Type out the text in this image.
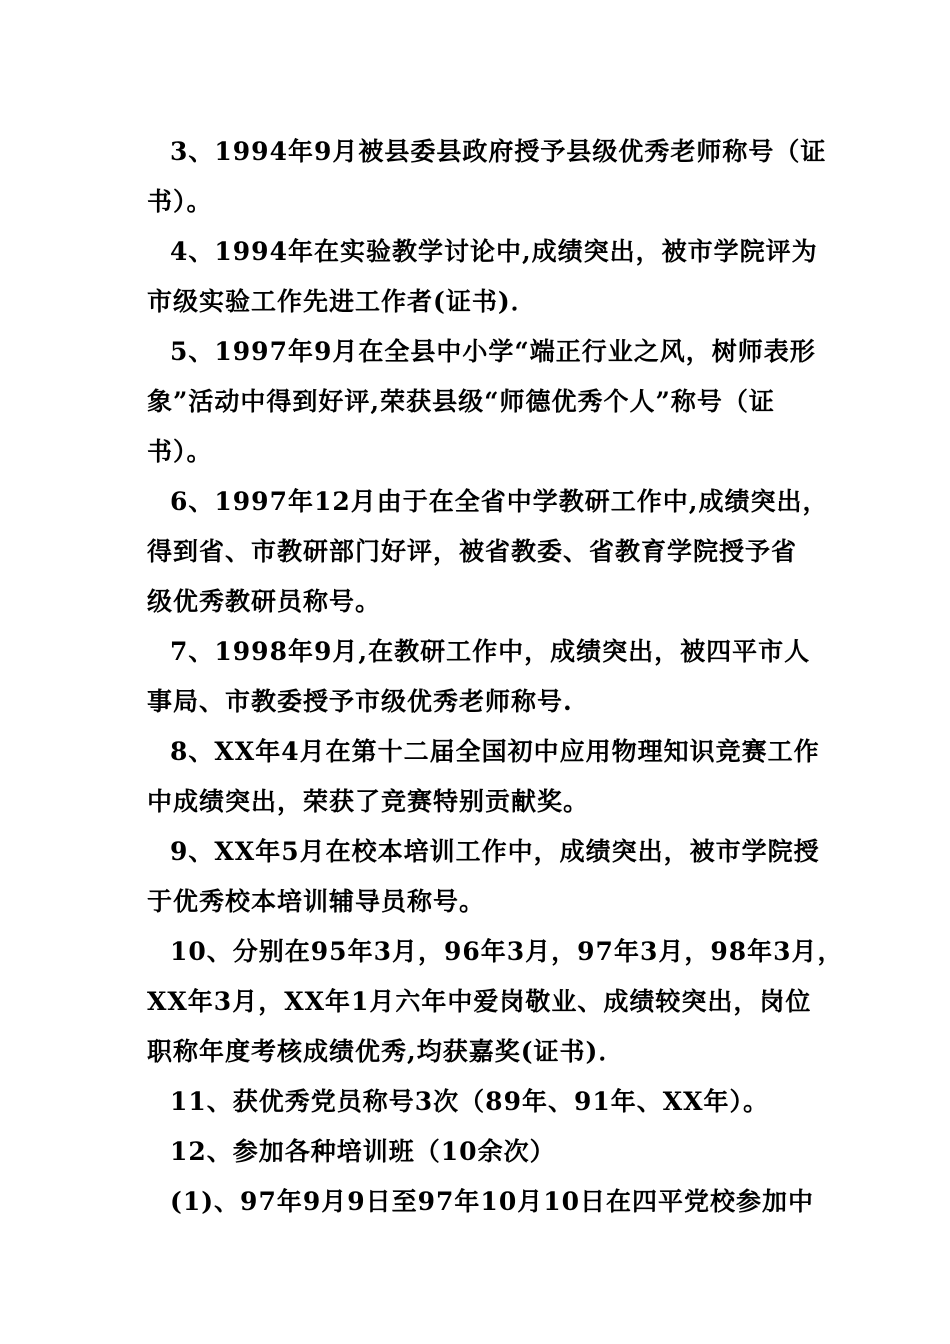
3、1994年9月被县委县政府授予县级优秀老师称号（证
书）。
4、1994年在实验教学讨论中,成绩突出，被市学院评为
市级实验工作先进工作者(证书)．
5、1997年9月在全县中小学“端正行业之风，树师表形
象”活动中得到好评,荣获县级“师德优秀个人”称号（证
书）。
6、1997年12月由于在全省中学教研工作中,成绩突出，
得到省、市教研部门好评，被省教委、省教育学院授予省
级优秀教研员称号。
7、1998年9月,在教研工作中，成绩突出，被四平市人
事局、市教委授予市级优秀老师称号.
8、XX年4月在第十二届全国初中应用物理知识竞赛工作
中成绩突出，荣获了竞赛特别贡献奖。
9、XX年5月在校本培训工作中，成绩突出，被市学院授
于优秀校本培训辅导员称号。
10、分别在95年3月，96年3月，97年3月，98年3月，
XX年3月，XX年1月六年中爱岗敬业、成绩较突出，岗位
职称年度考核成绩优秀,均获嘉奖(证书)．
11、获优秀党员称号3次（89年、91年、XX年）。
12、参加各种培训班（10余次）
(1)、97年9月9日至97年10月10日在四平党校参加中
